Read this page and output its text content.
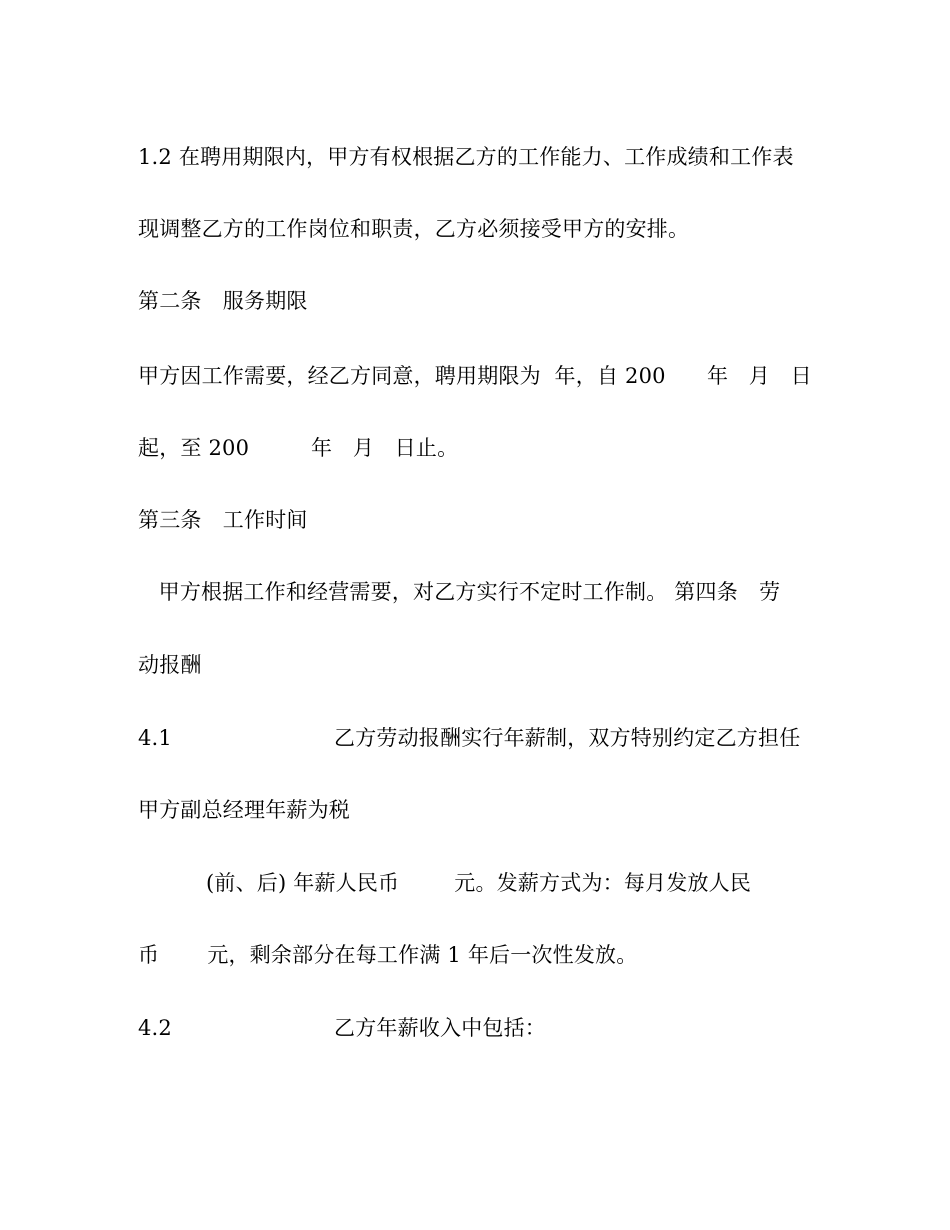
1.2 在聘用期限内，甲方有权根据乙方的工作能力、工作成绩和工作表
现调整乙方的工作岗位和职责，乙方必须接受甲方的安排。
第二条　服务期限
甲方因工作需要，经乙方同意，聘用期限为  年，自 200      年   月   日
起，至 200         年   月   日止。
第三条　工作时间
甲方根据工作和经营需要，对乙方实行不定时工作制。 第四条　劳
动报酬
4.1	乙方劳动报酬实行年薪制，双方特别约定乙方担任
甲方副总经理年薪为税
(前、后) 年薪人民币        元。发薪方式为：每月发放人民
币       元，剩余部分在每工作满 1 年后一次性发放。
4.2	乙方年薪收入中包括：
